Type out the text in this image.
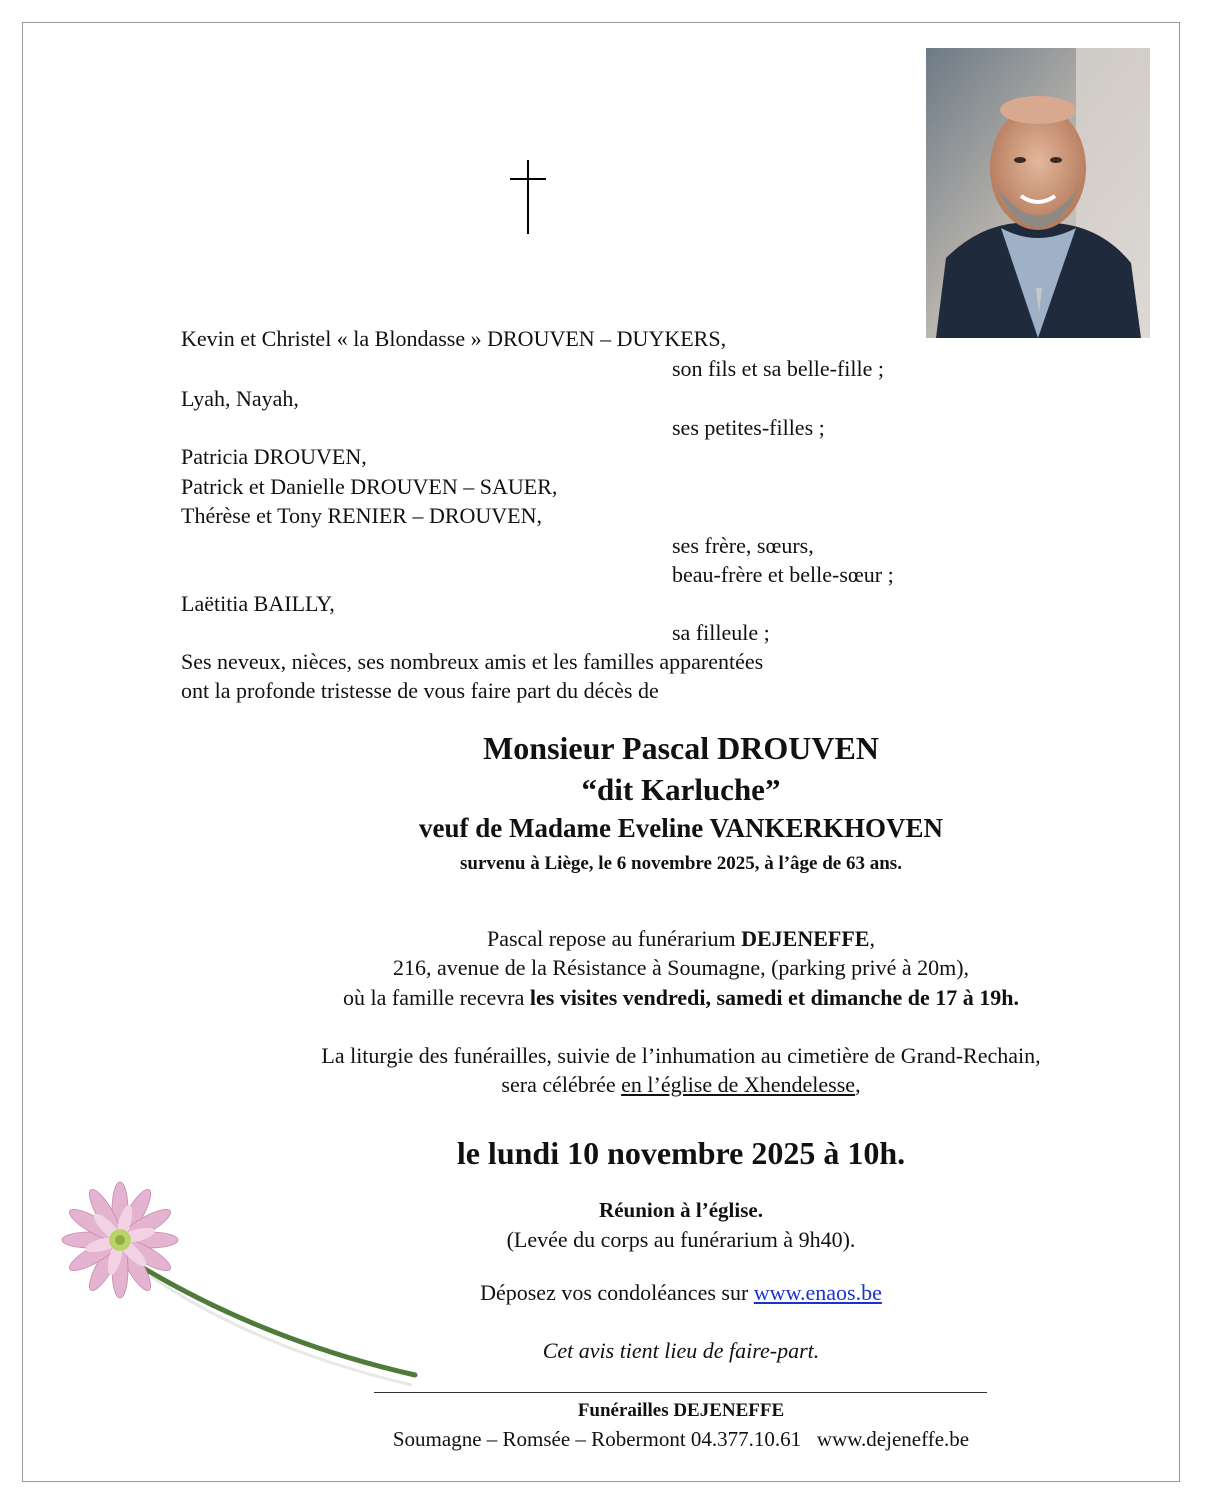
Kevin et Christel « la Blondasse » DROUVEN – DUYKERS,
son fils et sa belle-fille ;
Lyah, Nayah,
ses petites-filles ;
Patricia DROUVEN,
Patrick et Danielle DROUVEN – SAUER,
Thérèse et Tony RENIER – DROUVEN,
ses frère, sœurs,
beau-frère et belle-sœur ;
Laëtitia BAILLY,
sa filleule ;
Ses neveux, nièces, ses nombreux amis et les familles apparentées
ont la profonde tristesse de vous faire part du décès de
Monsieur Pascal DROUVEN
“dit Karluche”
veuf de Madame Eveline VANKERKHOVEN
survenu à Liège, le 6 novembre 2025, à l’âge de 63 ans.
Pascal repose au funérarium DEJENEFFE,
216, avenue de la Résistance à Soumagne, (parking privé à 20m),
où la famille recevra les visites vendredi, samedi et dimanche de 17 à 19h.
La liturgie des funérailles, suivie de l’inhumation au cimetière de Grand-Rechain,
sera célébrée en l’église de Xhendelesse,
le lundi 10 novembre 2025 à 10h.
Réunion à l’église.
(Levée du corps au funérarium à 9h40).
Déposez vos condoléances sur www.enaos.be
Cet avis tient lieu de faire-part.
Funérailles DEJENEFFE
Soumagne – Romsée – Robermont 04.377.10.61   www.dejeneffe.be
